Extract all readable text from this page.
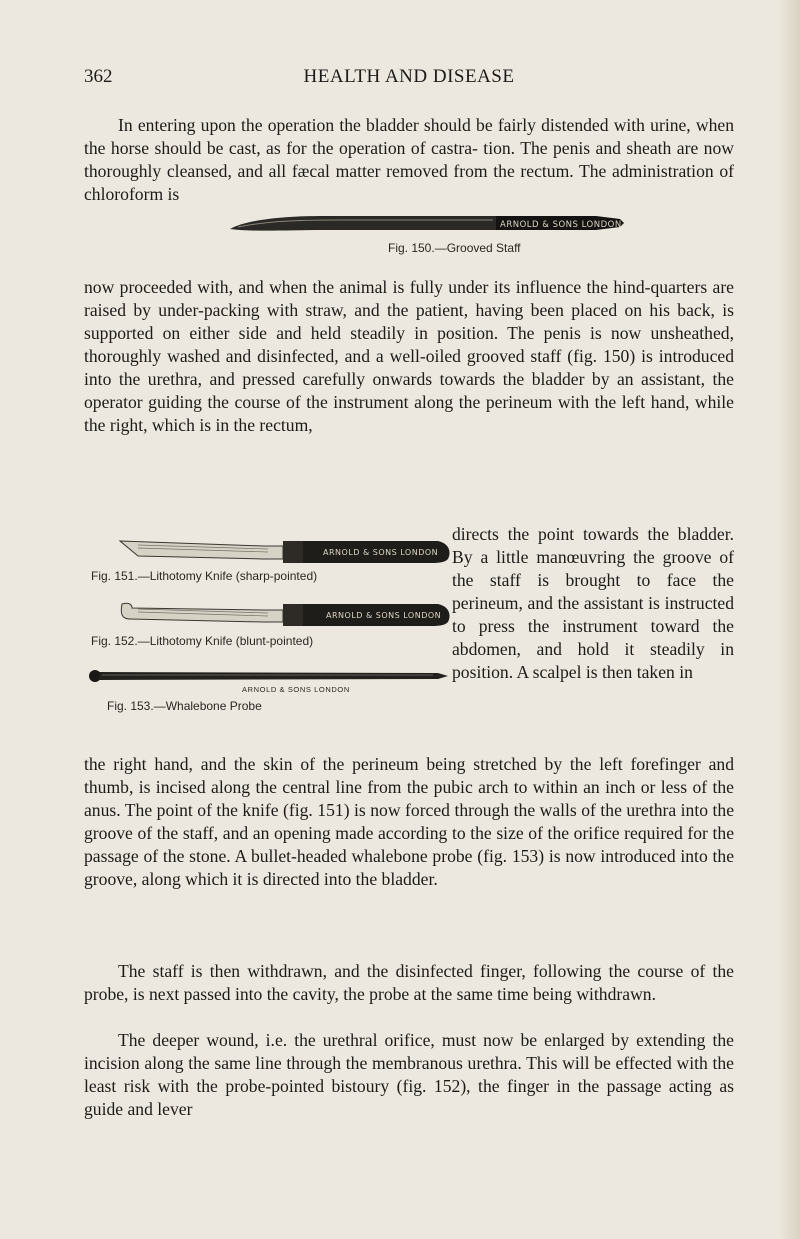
362	HEALTH AND DISEASE

In entering upon the operation the bladder should be fairly distended with urine, when the horse should be cast, as for the operation of castra- tion. The penis and sheath are now thoroughly cleansed, and all fæcal matter removed from the rectum. The administration of chloroform is

ARNOLD & SONS LONDON
Fig. 150.—Grooved Staff

now proceeded with, and when the animal is fully under its influence the hind-quarters are raised by under-packing with straw, and the patient, having been placed on his back, is supported on either side and held steadily in position. The penis is now unsheathed, thoroughly washed and disinfected, and a well-oiled grooved staff (fig. 150) is introduced into the urethra, and pressed carefully onwards towards the bladder by an assistant, the operator guiding the course of the instrument along the perineum with the left hand, while the right, which is in the rectum,

ARNOLD & SONS LONDON
Fig. 151.—Lithotomy Knife (sharp-pointed)
ARNOLD & SONS LONDON
Fig. 152.—Lithotomy Knife (blunt-pointed)
ARNOLD & SONS LONDON
Fig. 153.—Whalebone Probe

directs the point towards the bladder. By a little manœuvring the groove of the staff is brought to face the perineum, and the assistant is instructed to press the instrument toward the abdomen, and hold it steadily in position. A scalpel is then taken in

the right hand, and the skin of the perineum being stretched by the left forefinger and thumb, is incised along the central line from the pubic arch to within an inch or less of the anus. The point of the knife (fig. 151) is now forced through the walls of the urethra into the groove of the staff, and an opening made according to the size of the orifice required for the passage of the stone. A bullet-headed whalebone probe (fig. 153) is now introduced into the groove, along which it is directed into the bladder.

The staff is then withdrawn, and the disinfected finger, following the course of the probe, is next passed into the cavity, the probe at the same time being withdrawn.

The deeper wound, i.e. the urethral orifice, must now be enlarged by extending the incision along the same line through the membranous urethra. This will be effected with the least risk with the probe-pointed bistoury (fig. 152), the finger in the passage acting as guide and lever
